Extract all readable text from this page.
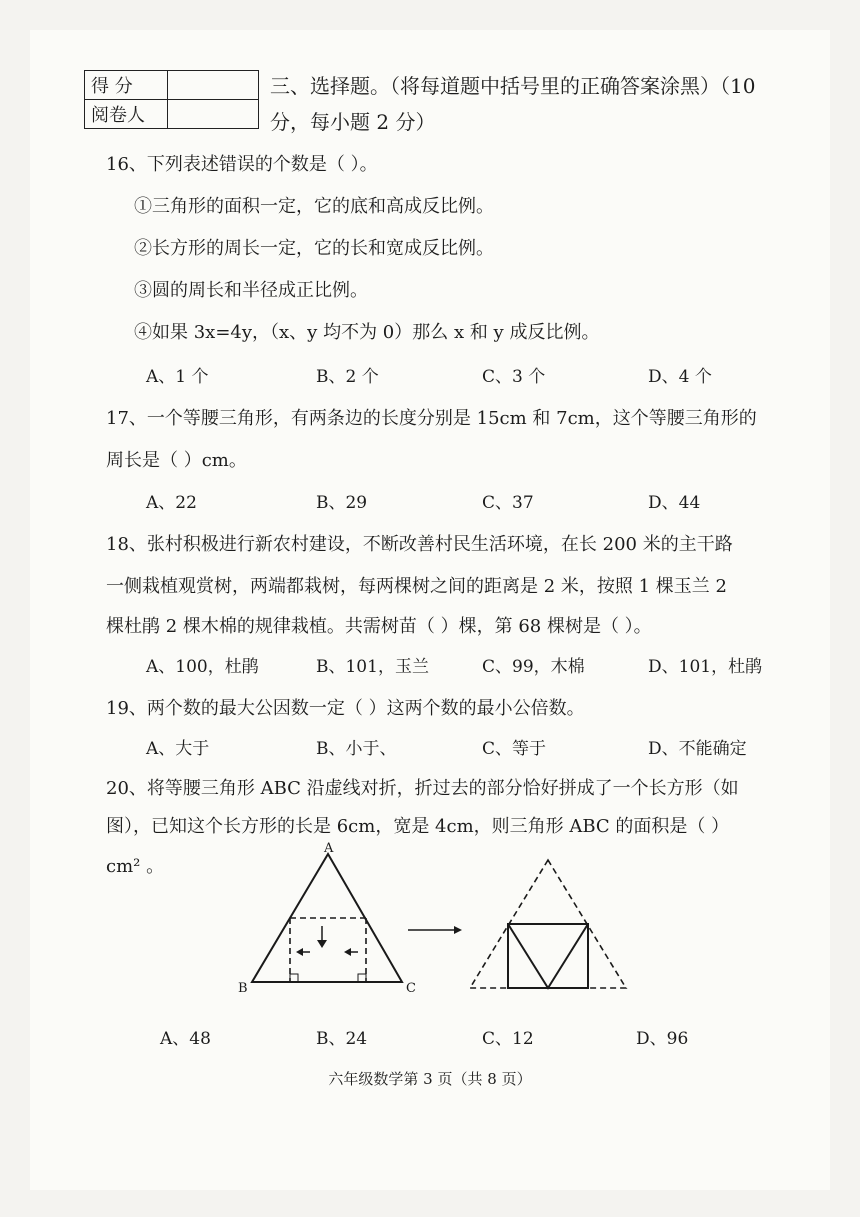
得 分	
阅卷人	
三、选择题。（将每道题中括号里的正确答案涂黑）（10
分，每小题 2 分）
16、下列表述错误的个数是（ ）。
①三角形的面积一定，它的底和高成反比例。
②长方形的周长一定，它的长和宽成反比例。
③圆的周长和半径成正比例。
④如果 3x=4y，（x、y 均不为 0）那么 x 和 y 成反比例。
A、1 个	B、2 个	C、3 个	D、4 个
17、一个等腰三角形，有两条边的长度分别是 15cm 和 7cm，这个等腰三角形的
周长是（ ）cm。
A、22	B、29	C、37	D、44
18、张村积极进行新农村建设，不断改善村民生活环境，在长 200 米的主干路
一侧栽植观赏树，两端都栽树，每两棵树之间的距离是 2 米，按照 1 棵玉兰 2
棵杜鹃 2 棵木棉的规律栽植。共需树苗（ ）棵，第 68 棵树是（ ）。
A、100，杜鹃	B、101，玉兰	C、99，木棉	D、101，杜鹃
19、两个数的最大公因数一定（ ）这两个数的最小公倍数。
A、大于	B、小于、	C、等于	D、不能确定
20、将等腰三角形 ABC 沿虚线对折，折过去的部分恰好拼成了一个长方形（如
图），已知这个长方形的长是 6cm，宽是 4cm，则三角形 ABC 的面积是（ ）
cm² 。
A
B	C
A、48	B、24	C、12	D、96
六年级数学第 3 页（共 8 页）
